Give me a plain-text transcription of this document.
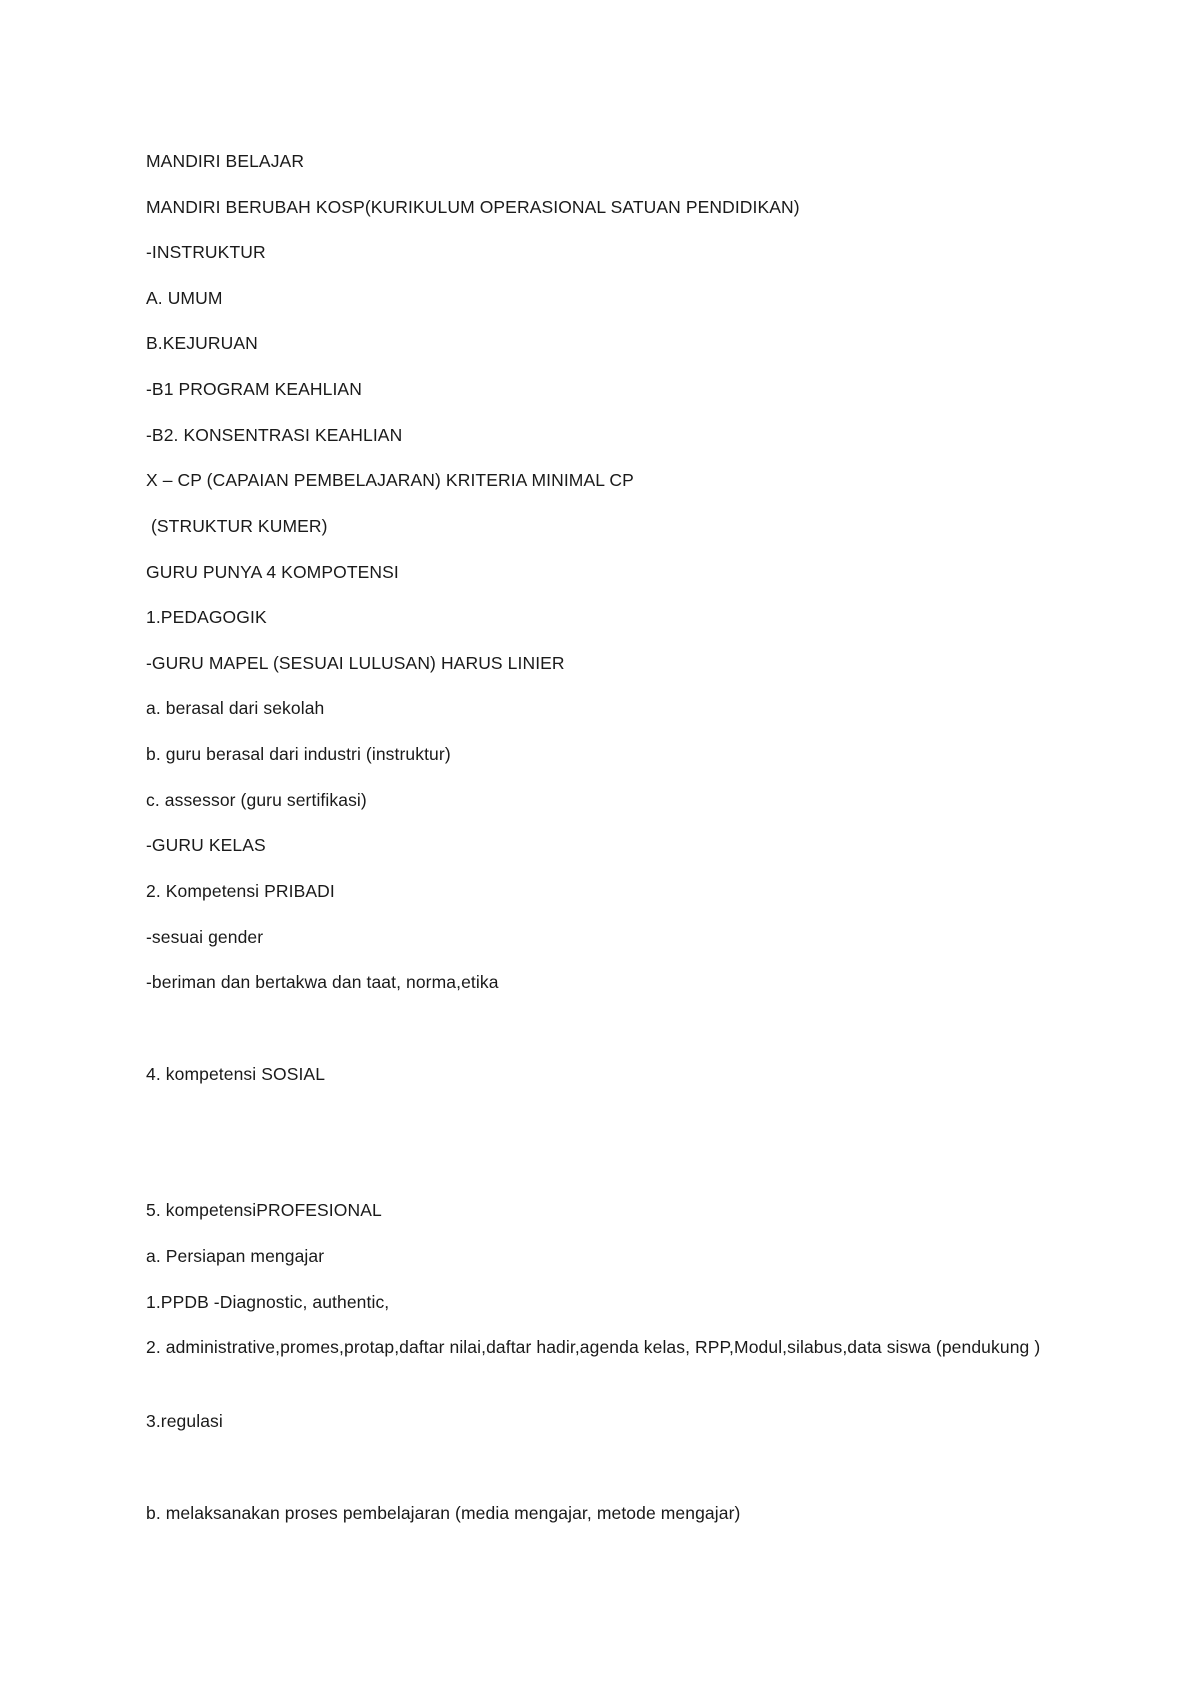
MANDIRI BELAJAR
MANDIRI BERUBAH KOSP(KURIKULUM OPERASIONAL SATUAN PENDIDIKAN)
-INSTRUKTUR
A. UMUM
B.KEJURUAN
-B1 PROGRAM KEAHLIAN
-B2. KONSENTRASI KEAHLIAN
X – CP (CAPAIAN PEMBELAJARAN) KRITERIA MINIMAL CP
(STRUKTUR KUMER)
GURU PUNYA 4 KOMPOTENSI
1.PEDAGOGIK
-GURU MAPEL (SESUAI LULUSAN) HARUS LINIER
a. berasal dari sekolah
b. guru berasal dari industri (instruktur)
c. assessor (guru sertifikasi)
-GURU KELAS
2. Kompetensi PRIBADI
-sesuai gender
-beriman dan bertakwa dan taat, norma,etika
4. kompetensi SOSIAL
5. kompetensiPROFESIONAL
a. Persiapan mengajar
1.PPDB -Diagnostic, authentic,
2. administrative,promes,protap,daftar nilai,daftar hadir,agenda kelas, RPP,Modul,silabus,data siswa (pendukung )
3.regulasi
b. melaksanakan proses pembelajaran (media mengajar, metode mengajar)
